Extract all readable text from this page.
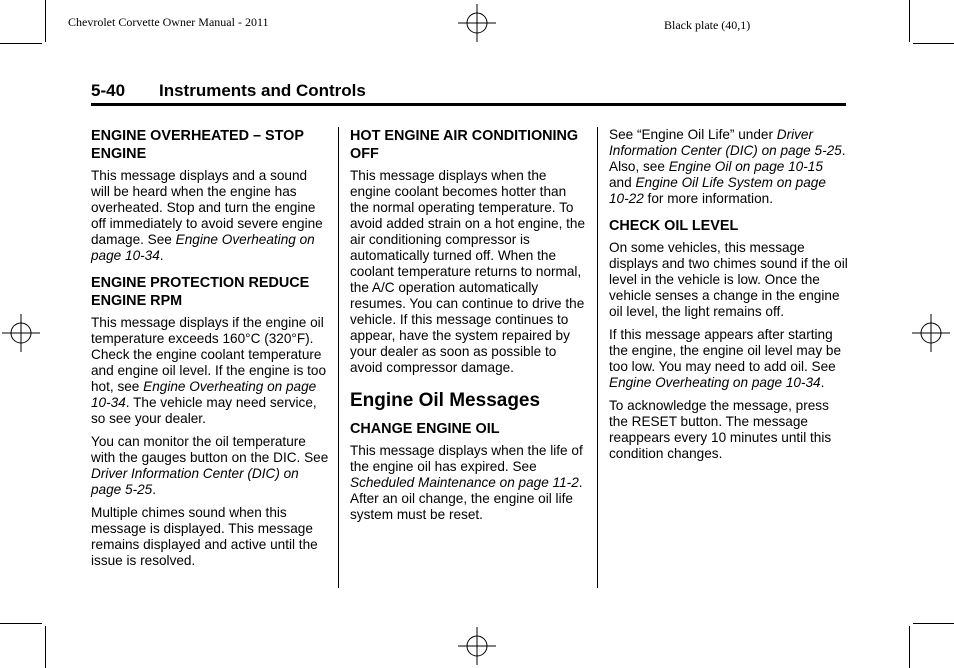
Chevrolet Corvette Owner Manual - 2011	Black plate (40,1)
5-40 Instruments and Controls
ENGINE OVERHEATED – STOP ENGINE

This message displays and a sound will be heard when the engine has overheated. Stop and turn the engine off immediately to avoid severe engine damage. See Engine Overheating on page 10-34.

ENGINE PROTECTION REDUCE ENGINE RPM

This message displays if the engine oil temperature exceeds 160°C (320°F). Check the engine coolant temperature and engine oil level. If the engine is too hot, see Engine Overheating on page 10-34. The vehicle may need service, so see your dealer.

You can monitor the oil temperature with the gauges button on the DIC. See Driver Information Center (DIC) on page 5-25.

Multiple chimes sound when this message is displayed. This message remains displayed and active until the issue is resolved.

HOT ENGINE AIR CONDITIONING OFF

This message displays when the engine coolant becomes hotter than the normal operating temperature. To avoid added strain on a hot engine, the air conditioning compressor is automatically turned off. When the coolant temperature returns to normal, the A/C operation automatically resumes. You can continue to drive the vehicle. If this message continues to appear, have the system repaired by your dealer as soon as possible to avoid compressor damage.

Engine Oil Messages
CHANGE ENGINE OIL

This message displays when the life of the engine oil has expired. See Scheduled Maintenance on page 11-2. After an oil change, the engine oil life system must be reset.

See “Engine Oil Life” under Driver Information Center (DIC) on page 5-25. Also, see Engine Oil on page 10-15 and Engine Oil Life System on page 10-22 for more information.

CHECK OIL LEVEL

On some vehicles, this message displays and two chimes sound if the oil level in the vehicle is low. Once the vehicle senses a change in the engine oil level, the light remains off.

If this message appears after starting the engine, the engine oil level may be too low. You may need to add oil. See Engine Overheating on page 10-34.

To acknowledge the message, press the RESET button. The message reappears every 10 minutes until this condition changes.
